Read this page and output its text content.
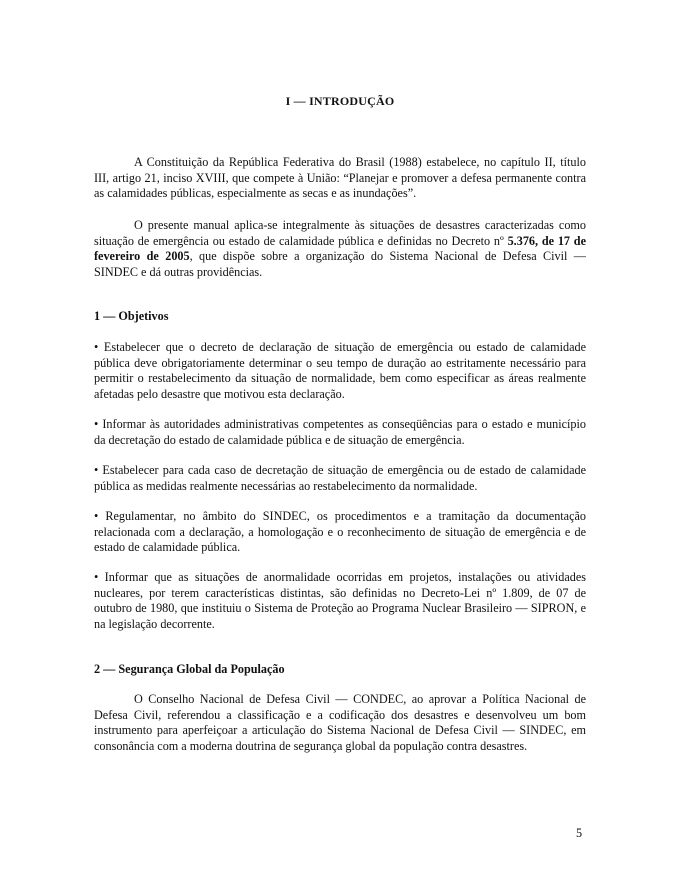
I — INTRODUÇÃO

A Constituição da República Federativa do Brasil (1988) estabelece, no capítulo II, título III, artigo 21, inciso XVIII, que compete à União: “Planejar e promover a defesa permanente contra as calamidades públicas, especialmente as secas e as inundações”.

O presente manual aplica-se integralmente às situações de desastres caracterizadas como situação de emergência ou estado de calamidade pública e definidas no Decreto nº 5.376, de 17 de fevereiro de 2005, que dispõe sobre a organização do Sistema Nacional de Defesa Civil — SINDEC e dá outras providências.

1 — Objetivos

• Estabelecer que o decreto de declaração de situação de emergência ou estado de calamidade pública deve obrigatoriamente determinar o seu tempo de duração ao estritamente necessário para permitir o restabelecimento da situação de normalidade, bem como especificar as áreas realmente afetadas pelo desastre que motivou esta declaração.

• Informar às autoridades administrativas competentes as conseqüências para o estado e município da decretação do estado de calamidade pública e de situação de emergência.

• Estabelecer para cada caso de decretação de situação de emergência ou de estado de calamidade pública as medidas realmente necessárias ao restabelecimento da normalidade.

• Regulamentar, no âmbito do SINDEC, os procedimentos e a tramitação da documentação relacionada com a declaração, a homologação e o reconhecimento de situação de emergência e de estado de calamidade pública.

• Informar que as situações de anormalidade ocorridas em projetos, instalações ou atividades nucleares, por terem características distintas, são definidas no Decreto-Lei nº 1.809, de 07 de outubro de 1980, que instituiu o Sistema de Proteção ao Programa Nuclear Brasileiro — SIPRON, e na legislação decorrente.

2 — Segurança Global da População

O Conselho Nacional de Defesa Civil — CONDEC, ao aprovar a Política Nacional de Defesa Civil, referendou a classificação e a codificação dos desastres e desenvolveu um bom instrumento para aperfeiçoar a articulação do Sistema Nacional de Defesa Civil — SINDEC, em consonância com a moderna doutrina de segurança global da população contra desastres.

5
